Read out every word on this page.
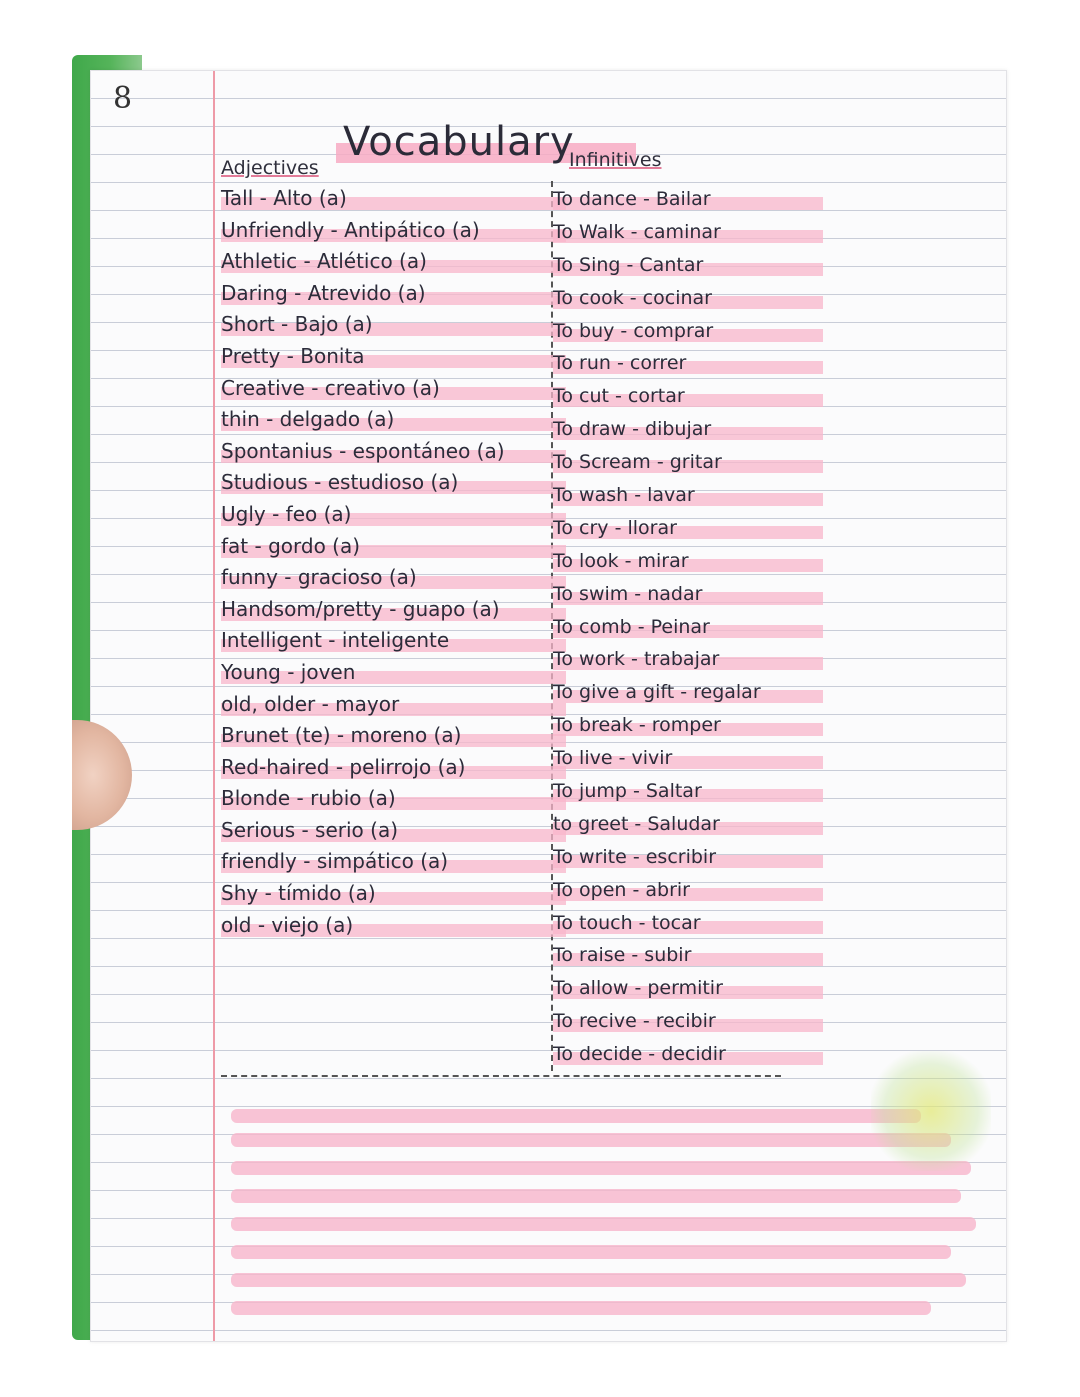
8
Vocabulary
Adjectives	Infinitives
Tall - Alto (a)
Unfriendly - Antipático (a)
Athletic - Atlético (a)
Daring - Atrevido (a)
Short - Bajo (a)
Pretty - Bonita
Creative - creativo (a)
thin - delgado (a)
Spontanius - espontáneo (a)
Studious - estudioso (a)
Ugly - feo (a)
fat - gordo (a)
funny - gracioso (a)
Handsom/pretty - guapo (a)
Intelligent - inteligente
Young - joven
old, older - mayor
Brunet (te) - moreno (a)
Red-haired - pelirrojo (a)
Blonde - rubio (a)
Serious - serio (a)
friendly - simpático (a)
Shy - tímido (a)
old - viejo (a)
To dance - Bailar
To Walk - caminar
To Sing - Cantar
To cook - cocinar
To buy - comprar
To run - correr
To cut - cortar
To draw - dibujar
To Scream - gritar
To wash - lavar
To cry - llorar
To look - mirar
To swim - nadar
To comb - Peinar
To work - trabajar
To give a gift - regalar
To break - romper
To live - vivir
To jump - Saltar
to greet - Saludar
To write - escribir
To open - abrir
To touch - tocar
To raise - subir
To allow - permitir
To recive - recibir
To decide - decidir
